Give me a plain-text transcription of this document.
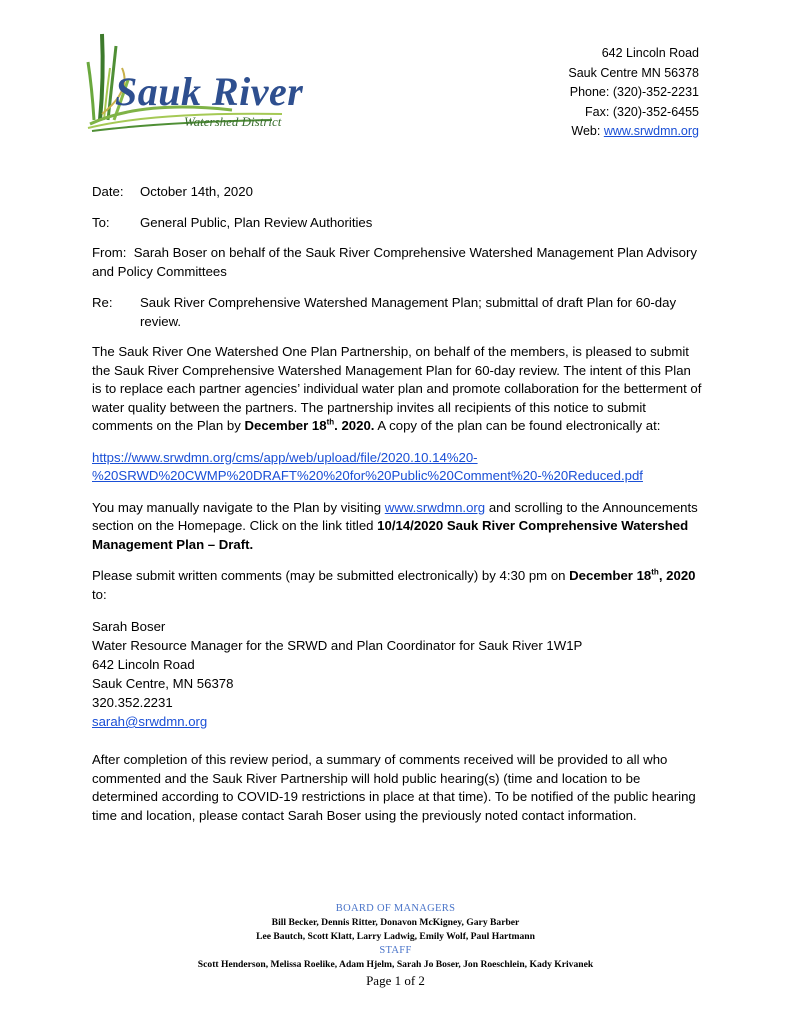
Sauk River
Watershed District
642 Lincoln Road
Sauk Centre MN 56378
Phone: (320)-352-2231
Fax: (320)-352-6455
Web: www.srwdmn.org
Date:	October 14th, 2020
To:	General Public, Plan Review Authorities

From: Sarah Boser on behalf of the Sauk River Comprehensive Watershed Management Plan Advisory and Policy Committees

Re:	Sauk River Comprehensive Watershed Management Plan; submittal of draft Plan for 60-day review.

The Sauk River One Watershed One Plan Partnership, on behalf of the members, is pleased to submit the Sauk River Comprehensive Watershed Management Plan for 60-day review. The intent of this Plan is to replace each partner agencies’ individual water plan and promote collaboration for the betterment of water quality between the partners. The partnership invites all recipients of this notice to submit comments on the Plan by December 18th. 2020. A copy of the plan can be found electronically at:

https://www.srwdmn.org/cms/app/web/upload/file/2020.10.14%20-
%20SRWD%20CWMP%20DRAFT%20%20for%20Public%20Comment%20-%20Reduced.pdf

You may manually navigate to the Plan by visiting www.srwdmn.org and scrolling to the Announcements section on the Homepage. Click on the link titled 10/14/2020 Sauk River Comprehensive Watershed Management Plan – Draft.

Please submit written comments (may be submitted electronically) by 4:30 pm on December 18th, 2020 to:

Sarah Boser
Water Resource Manager for the SRWD and Plan Coordinator for Sauk River 1W1P
642 Lincoln Road
Sauk Centre, MN 56378
320.352.2231
sarah@srwdmn.org

After completion of this review period, a summary of comments received will be provided to all who commented and the Sauk River Partnership will hold public hearing(s) (time and location to be determined according to COVID-19 restrictions in place at that time). To be notified of the public hearing time and location, please contact Sarah Boser using the previously noted contact information.

BOARD OF MANAGERS
Bill Becker, Dennis Ritter, Donavon McKigney, Gary Barber
Lee Bautch, Scott Klatt, Larry Ladwig, Emily Wolf, Paul Hartmann
STAFF
Scott Henderson, Melissa Roelike, Adam Hjelm, Sarah Jo Boser, Jon Roeschlein, Kady Krivanek
Page 1 of 2
